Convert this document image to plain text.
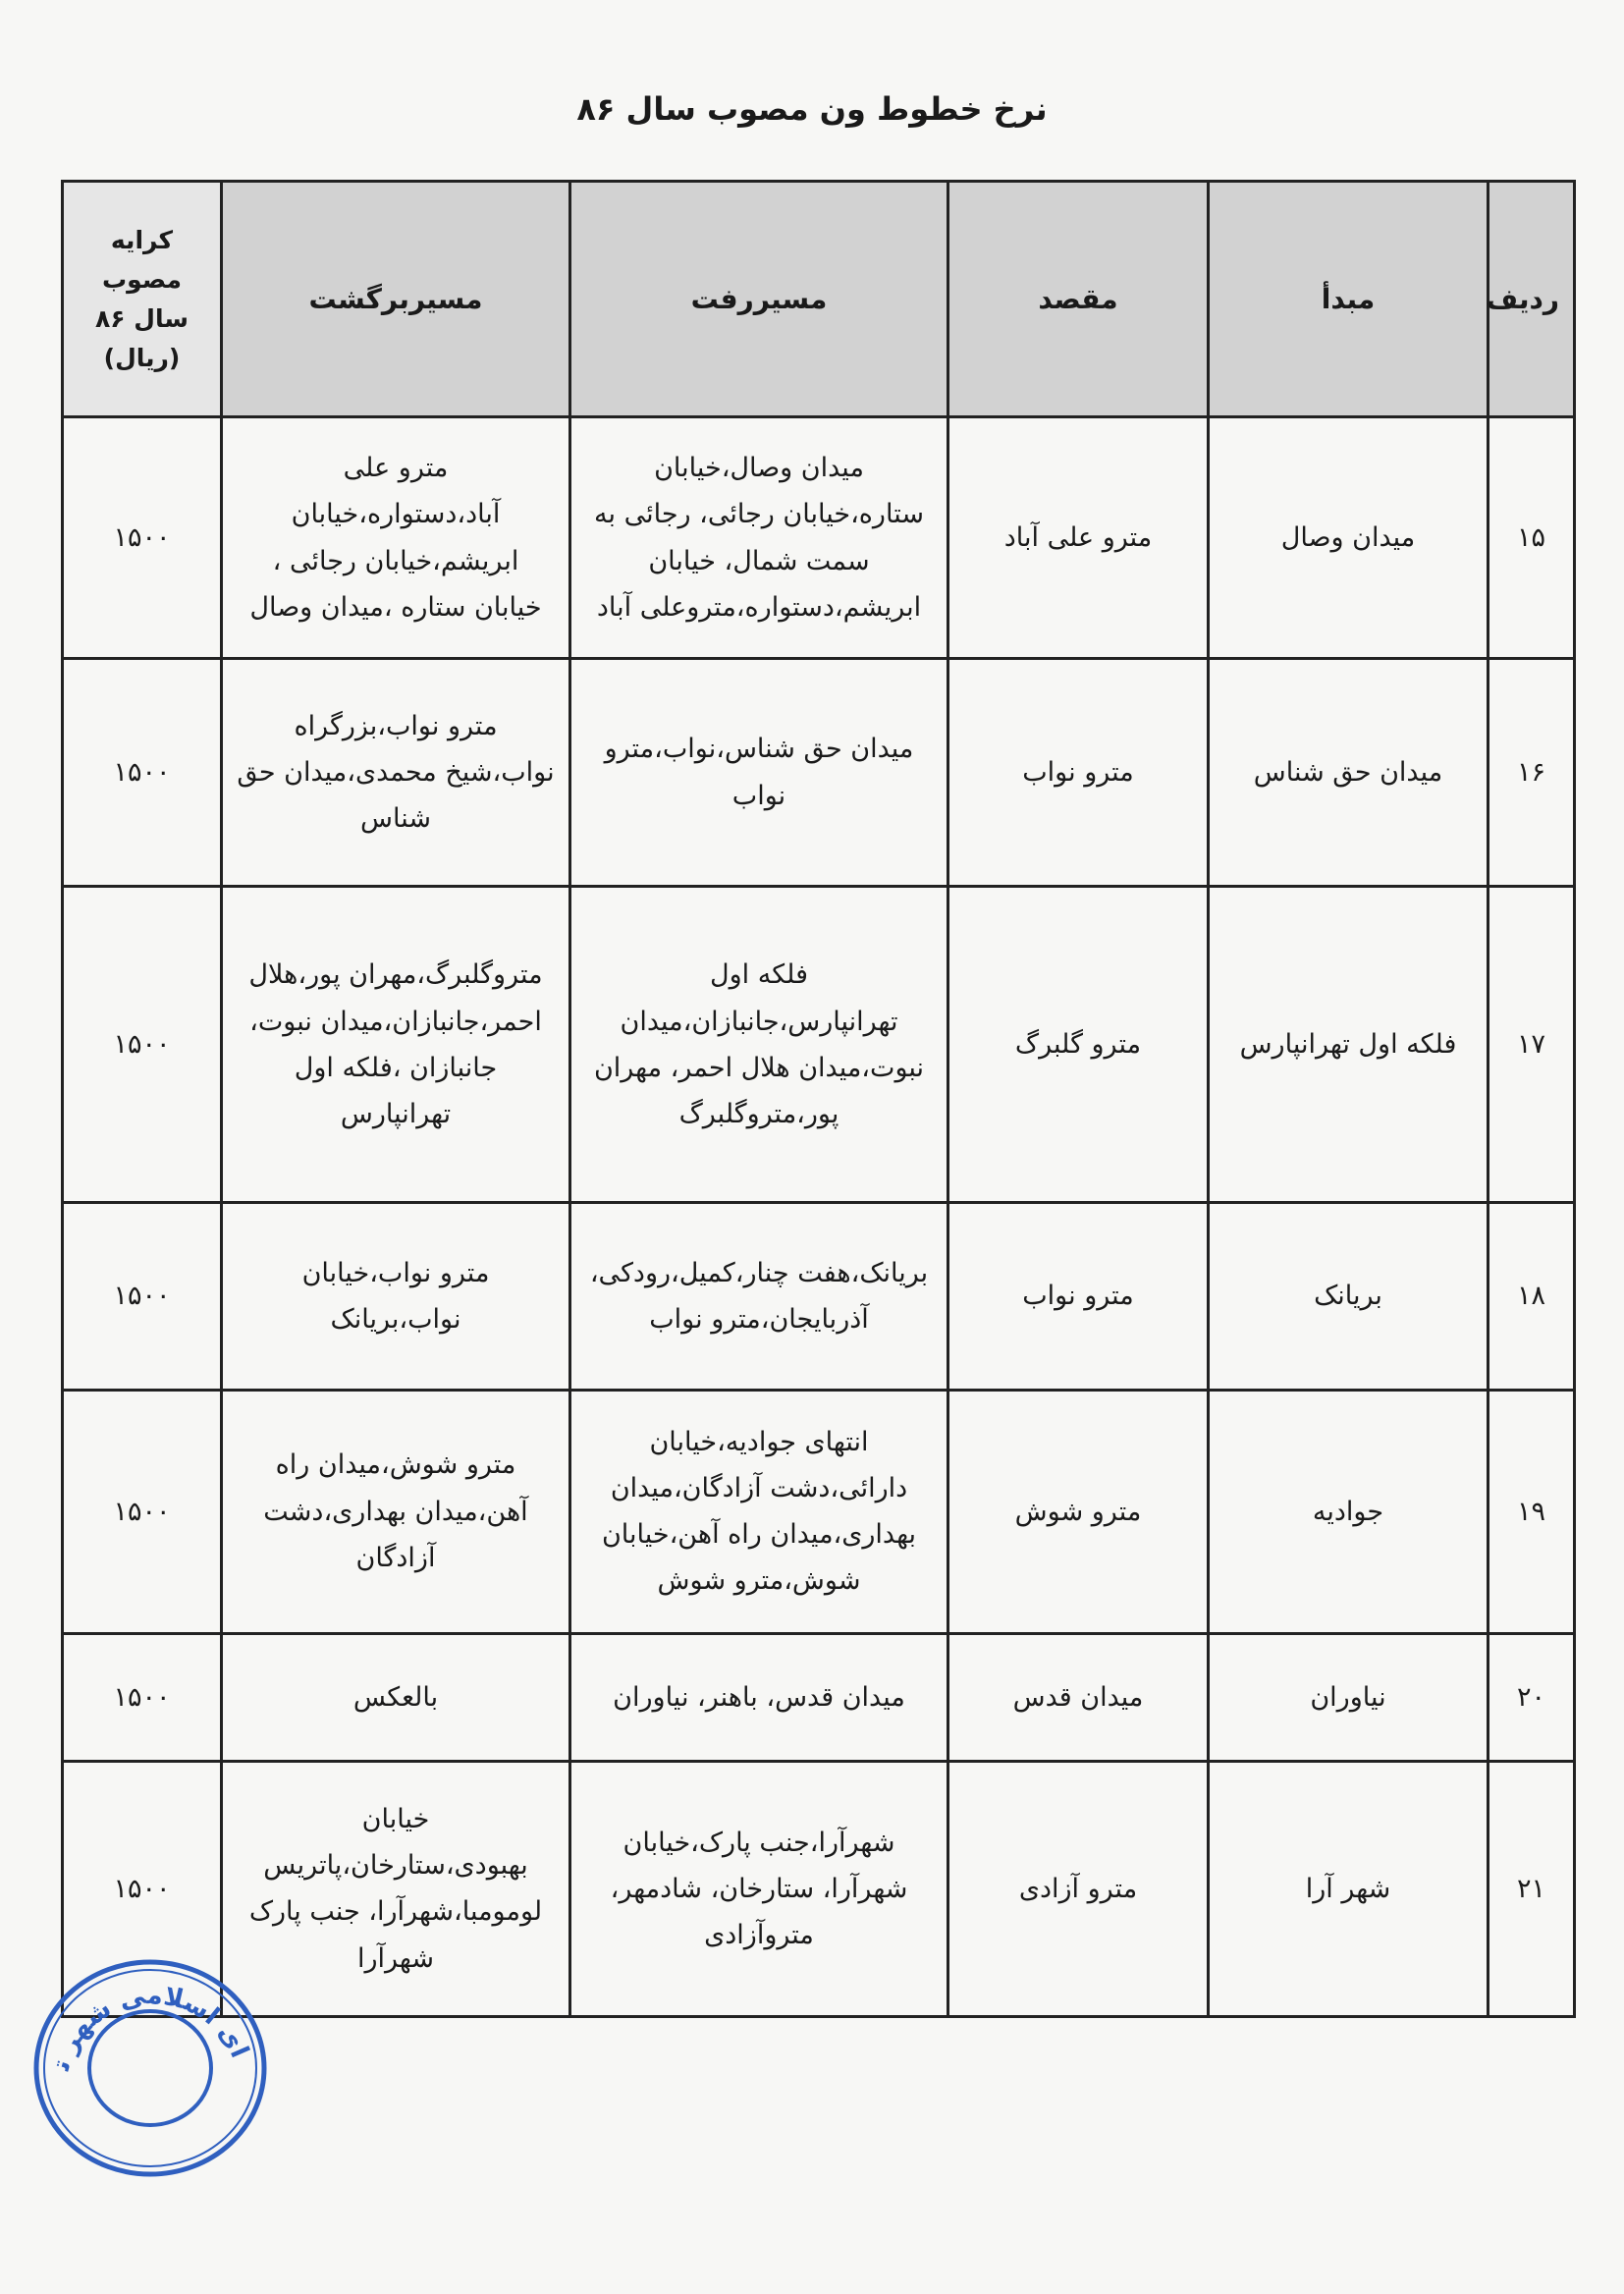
نرخ خطوط ون مصوب سال ۸۶
ردیف	مبدأ	مقصد	مسیررفت	مسیربرگشت	کرایه مصوب سال ۸۶ (ریال)
۱۵	میدان وصال	مترو علی آباد	میدان وصال،خیابان ستاره،خیابان رجائی، رجائی به سمت شمال، خیابان ابریشم،دستواره،متروعلی آباد	مترو علی آباد،دستواره،خیابان ابریشم،خیابان رجائی ، خیابان ستاره ،میدان وصال	۱۵۰۰
۱۶	میدان حق شناس	مترو نواب	میدان حق شناس،نواب،مترو نواب	مترو نواب،بزرگراه نواب،شیخ محمدی،میدان حق شناس	۱۵۰۰
۱۷	فلکه اول تهرانپارس	مترو گلبرگ	فلکه اول تهرانپارس،جانبازان،میدان نبوت،میدان هلال احمر، مهران پور،متروگلبرگ	متروگلبرگ،مهران پور،هلال احمر،جانبازان،میدان نبوت، جانبازان ،فلکه اول تهرانپارس	۱۵۰۰
۱۸	بریانک	مترو نواب	بریانک،هفت چنار،کمیل،رودکی، آذربایجان،مترو نواب	مترو نواب،خیابان نواب،بریانک	۱۵۰۰
۱۹	جوادیه	مترو شوش	انتهای جوادیه،خیابان دارائی،دشت آزادگان،میدان بهداری،میدان راه آهن،خیابان شوش،مترو شوش	مترو شوش،میدان راه آهن،میدان بهداری،دشت آزادگان	۱۵۰۰
۲۰	نیاوران	میدان قدس	میدان قدس، باهنر، نیاوران	بالعکس	۱۵۰۰
۲۱	شهر آرا	مترو آزادی	شهرآرا،جنب پارک،خیابان شهرآرا، ستارخان، شادمهر، متروآزادی	خیابان بهبودی،ستارخان،پاتریس لومومبا،شهرآرا، جنب پارک شهرآرا	۱۵۰۰
ای اسلامی شهر ت
